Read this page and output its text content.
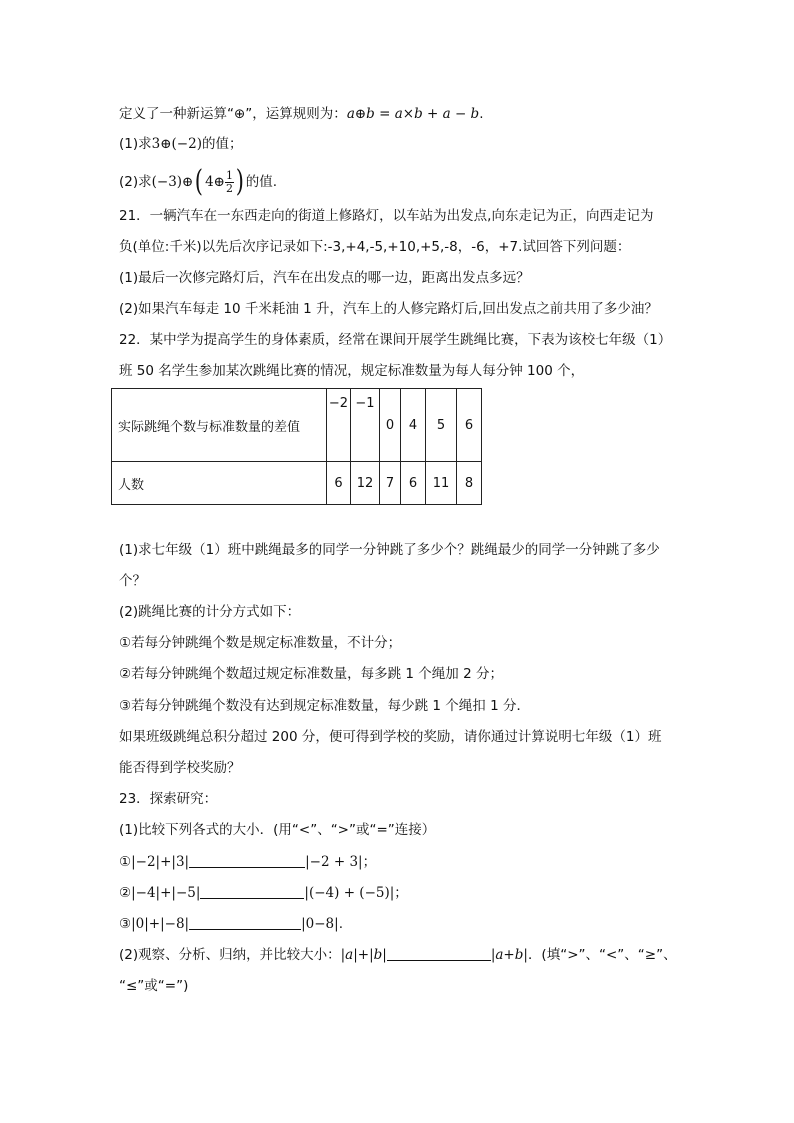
定义了一种新运算“⊕”，运算规则为：a⊕b = a×b + a − b.
(1)求3⊕(−2)的值；
(2)求(−3)⊕( 4⊕ $\frac{1}{2}$ ) 的值.
21．一辆汽车在一东西走向的街道上修路灯，以车站为出发点,向东走记为正，向西走记为
负(单位:千米)以先后次序记录如下:-3,+4,-5,+10,+5,-8，-6，+7.试回答下列问题：
(1)最后一次修完路灯后，汽车在出发点的哪一边，距离出发点多远？
(2)如果汽车每走 10 千米耗油 1 升，汽车上的人修完路灯后,回出发点之前共用了多少油？
22．某中学为提高学生的身体素质，经常在课间开展学生跳绳比赛，下表为该校七年级（1）
班 50 名学生参加某次跳绳比赛的情况，规定标准数量为每人每分钟 100 个，
实际跳绳个数与标准数量的差值	−2	−1	0	4	5	6
人数	6	12	7	6	11	8
(1)求七年级（1）班中跳绳最多的同学一分钟跳了多少个？跳绳最少的同学一分钟跳了多少
个？
(2)跳绳比赛的计分方式如下：
①若每分钟跳绳个数是规定标准数量，不计分；
②若每分钟跳绳个数超过规定标准数量，每多跳 1 个绳加 2 分；
③若每分钟跳绳个数没有达到规定标准数量，每少跳 1 个绳扣 1 分．
如果班级跳绳总积分超过 200 分，便可得到学校的奖励，请你通过计算说明七年级（1）班
能否得到学校奖励？
23．探索研究：
(1)比较下列各式的大小．(用“<”、“>”或“=”连接）
①|−2|+|3|	|−2 + 3|；
②|−4|+|−5|	|(−4) + (−5)|；
③|0|+|−8|	|0−8|.
(2)观察、分析、归纳，并比较大小：|a|+|b|	|a+b|．(填“>”、“<”、“≥”、
“≤”或“=”)
